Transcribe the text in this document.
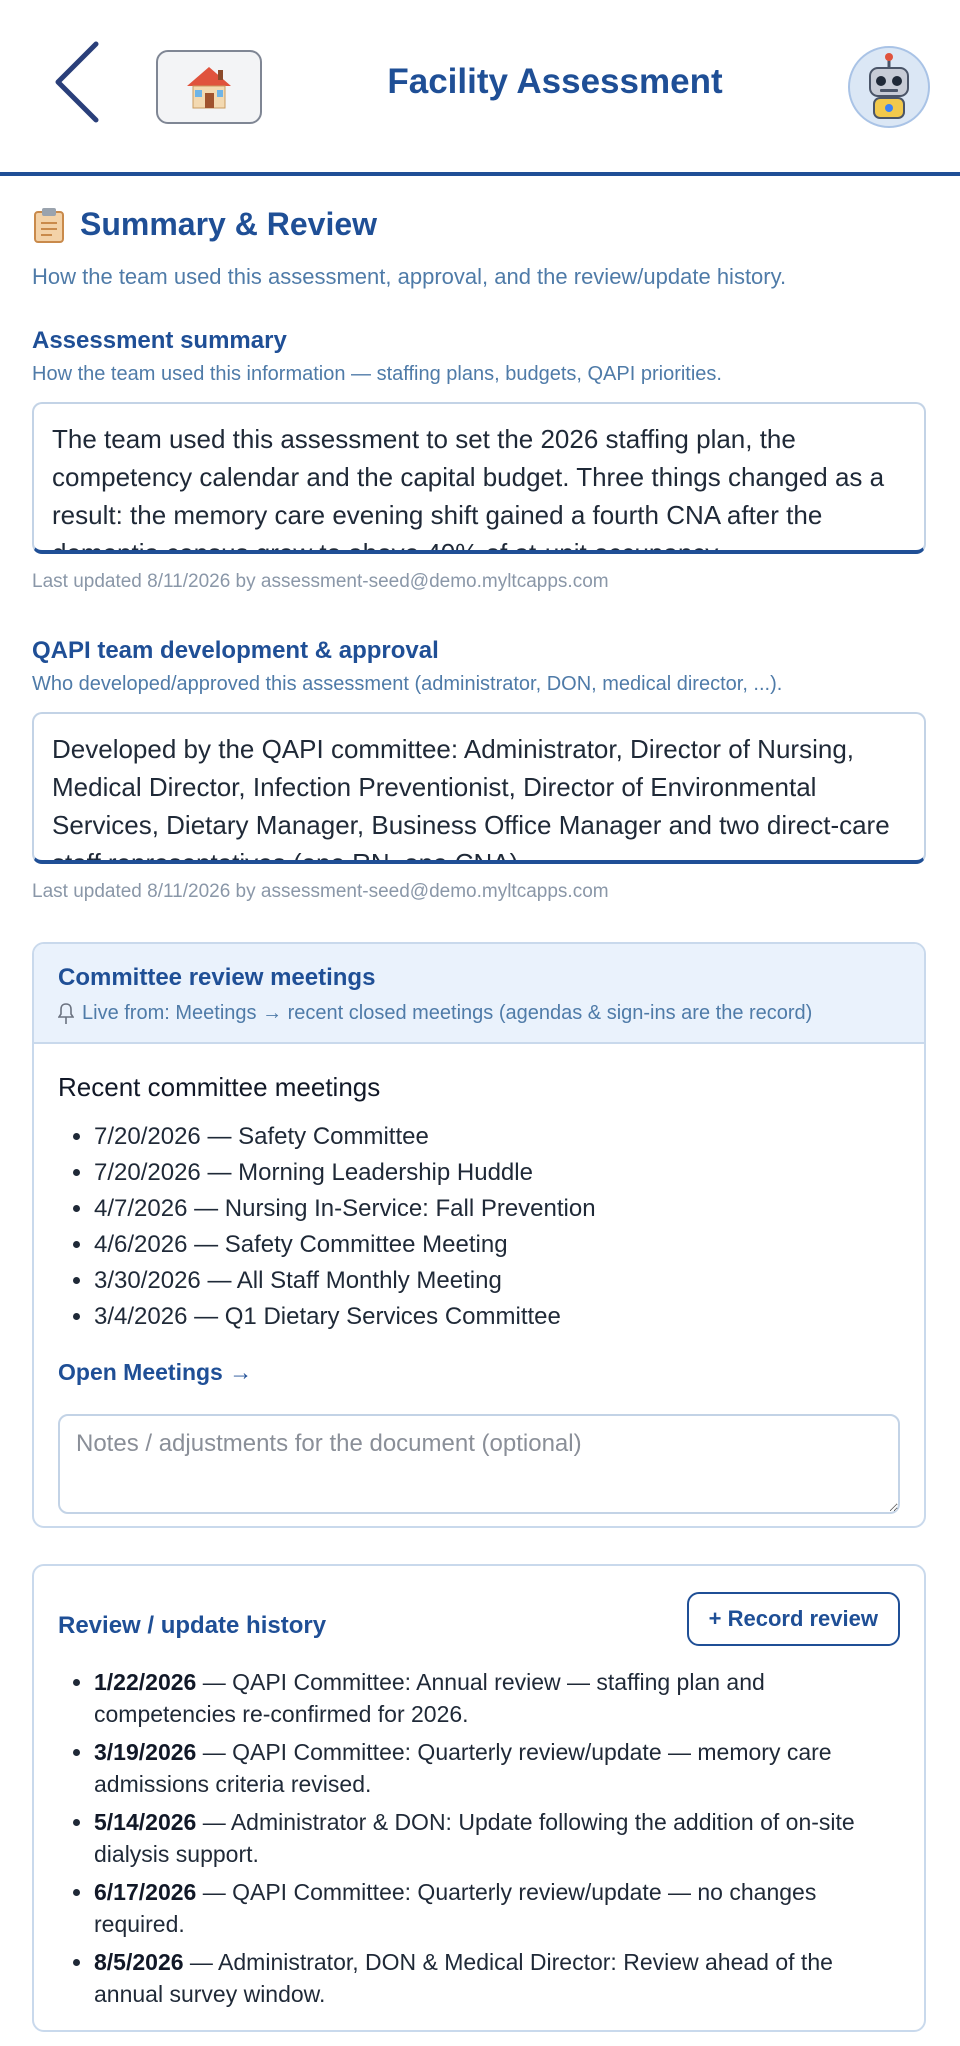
Facility Assessment
Summary & Review
How the team used this assessment, approval, and the review/update history.
Assessment summary
How the team used this information — staffing plans, budgets, QAPI priorities.
The team used this assessment to set the 2026 staffing plan, the competency calendar and the capital budget. Three things changed as a result: the memory care evening shift gained a fourth CNA after the dementia census grew to above 40% of at-unit occupancy.
Last updated 8/11/2026 by assessment-seed@demo.myltcapps.com
QAPI team development & approval
Who developed/approved this assessment (administrator, DON, medical director, ...).
Developed by the QAPI committee: Administrator, Director of Nursing, Medical Director, Infection Preventionist, Director of Environmental Services, Dietary Manager, Business Office Manager and two direct-care staff representatives (one RN, one CNA).
Last updated 8/11/2026 by assessment-seed@demo.myltcapps.com
Committee review meetings
Live from: Meetings → recent closed meetings (agendas & sign-ins are the record)
Recent committee meetings
• 7/20/2026 — Safety Committee
• 7/20/2026 — Morning Leadership Huddle
• 4/7/2026 — Nursing In-Service: Fall Prevention
• 4/6/2026 — Safety Committee Meeting
• 3/30/2026 — All Staff Monthly Meeting
• 3/4/2026 — Q1 Dietary Services Committee
Open Meetings →
Notes / adjustments for the document (optional)
Review / update history	+ Record review
• 1/22/2026 — QAPI Committee: Annual review — staffing plan and competencies re-confirmed for 2026.
• 3/19/2026 — QAPI Committee: Quarterly review/update — memory care admissions criteria revised.
• 5/14/2026 — Administrator & DON: Update following the addition of on-site dialysis support.
• 6/17/2026 — QAPI Committee: Quarterly review/update — no changes required.
• 8/5/2026 — Administrator, DON & Medical Director: Review ahead of the annual survey window.
